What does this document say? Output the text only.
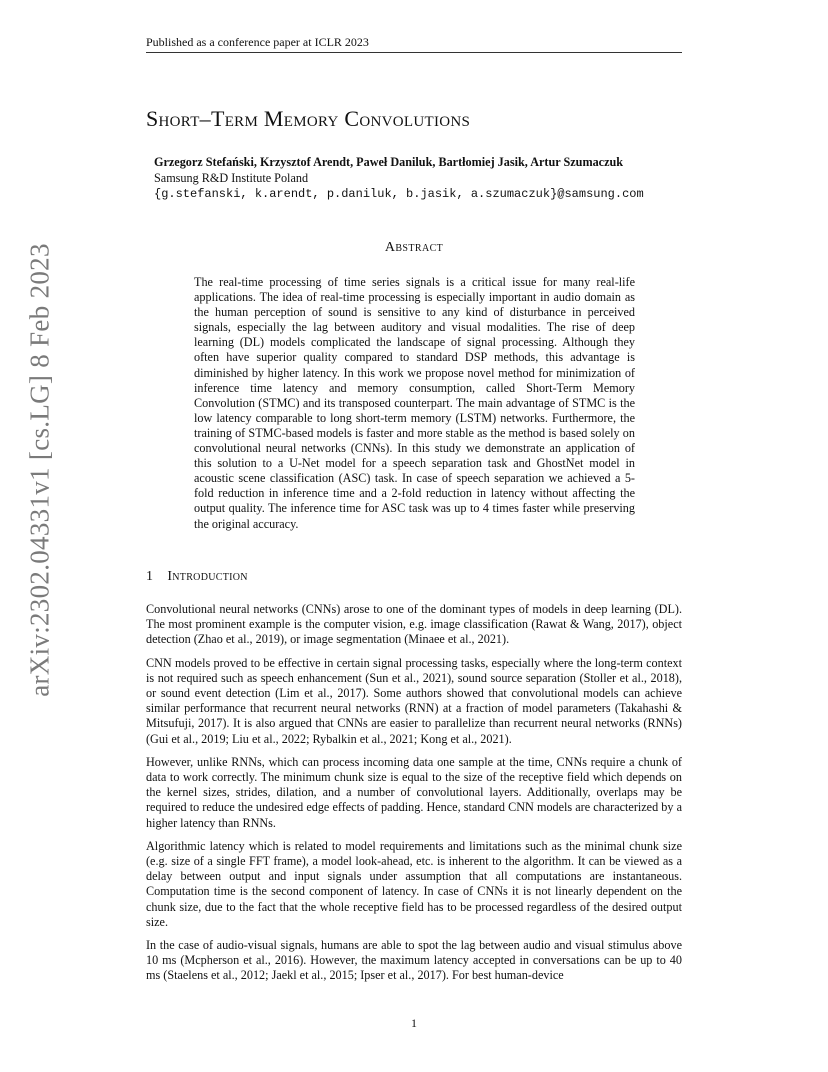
Published as a conference paper at ICLR 2023
arXiv:2302.04331v1 [cs.LG] 8 Feb 2023
Short–Term Memory Convolutions
Grzegorz Stefański, Krzysztof Arendt, Paweł Daniluk, Bartłomiej Jasik, Artur Szumaczuk
Samsung R&D Institute Poland
{g.stefanski, k.arendt, p.daniluk, b.jasik, a.szumaczuk}@samsung.com
Abstract
The real-time processing of time series signals is a critical issue for many real-life applications. The idea of real-time processing is especially important in audio domain as the human perception of sound is sensitive to any kind of disturbance in perceived signals, especially the lag between auditory and visual modalities. The rise of deep learning (DL) models complicated the landscape of signal processing. Although they often have superior quality compared to standard DSP methods, this advantage is diminished by higher latency. In this work we propose novel method for minimization of inference time latency and memory consumption, called Short-Term Memory Convolution (STMC) and its transposed counterpart. The main advantage of STMC is the low latency comparable to long short-term memory (LSTM) networks. Furthermore, the training of STMC-based models is faster and more stable as the method is based solely on convolutional neural networks (CNNs). In this study we demonstrate an application of this solution to a U-Net model for a speech separation task and GhostNet model in acoustic scene classification (ASC) task. In case of speech separation we achieved a 5-fold reduction in inference time and a 2-fold reduction in latency without affecting the output quality. The inference time for ASC task was up to 4 times faster while preserving the original accuracy.
1 Introduction

Convolutional neural networks (CNNs) arose to one of the dominant types of models in deep learning (DL). The most prominent example is the computer vision, e.g. image classification (Rawat & Wang, 2017), object detection (Zhao et al., 2019), or image segmentation (Minaee et al., 2021).

CNN models proved to be effective in certain signal processing tasks, especially where the long-term context is not required such as speech enhancement (Sun et al., 2021), sound source separation (Stoller et al., 2018), or sound event detection (Lim et al., 2017). Some authors showed that convolutional models can achieve similar performance that recurrent neural networks (RNN) at a fraction of model parameters (Takahashi & Mitsufuji, 2017). It is also argued that CNNs are easier to parallelize than recurrent neural networks (RNNs) (Gui et al., 2019; Liu et al., 2022; Rybalkin et al., 2021; Kong et al., 2021).

However, unlike RNNs, which can process incoming data one sample at the time, CNNs require a chunk of data to work correctly. The minimum chunk size is equal to the size of the receptive field which depends on the kernel sizes, strides, dilation, and a number of convolutional layers. Additionally, overlaps may be required to reduce the undesired edge effects of padding. Hence, standard CNN models are characterized by a higher latency than RNNs.

Algorithmic latency which is related to model requirements and limitations such as the minimal chunk size (e.g. size of a single FFT frame), a model look-ahead, etc. is inherent to the algorithm. It can be viewed as a delay between output and input signals under assumption that all computations are instantaneous. Computation time is the second component of latency. In case of CNNs it is not linearly dependent on the chunk size, due to the fact that the whole receptive field has to be processed regardless of the desired output size.

In the case of audio-visual signals, humans are able to spot the lag between audio and visual stimulus above 10 ms (Mcpherson et al., 2016). However, the maximum latency accepted in conversations can be up to 40 ms (Staelens et al., 2012; Jaekl et al., 2015; Ipser et al., 2017). For best human-device

1
